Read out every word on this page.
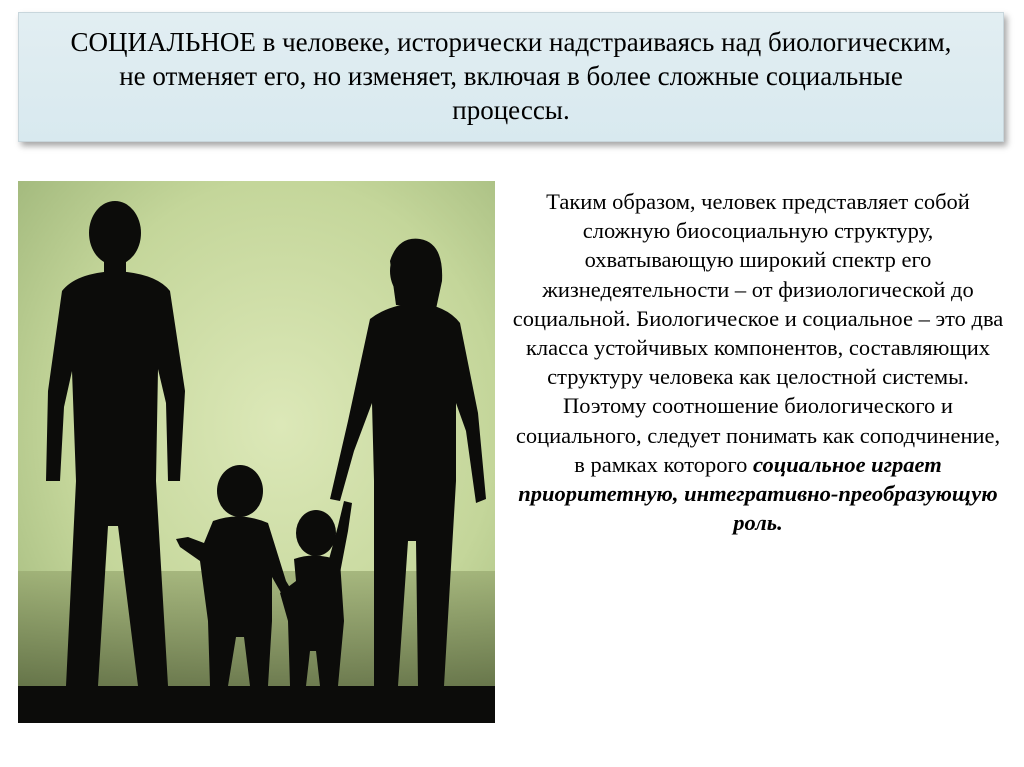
СОЦИАЛЬНОЕ в человеке, исторически надстраиваясь над биологическим, не отменяет его, но изменяет, включая в более сложные социальные процессы.

Таким образом, человек представляет собой сложную биосоциальную структуру, охватывающую широкий спектр его жизнедеятельности – от физиологической до социальной. Биологическое и социальное – это два класса устойчивых компонентов, составляющих структуру человека как целостной системы. Поэтому соотношение биологического и социального, следует понимать как соподчинение, в рамках которого социальное играет приоритетную, интегративно-преобразующую роль.
